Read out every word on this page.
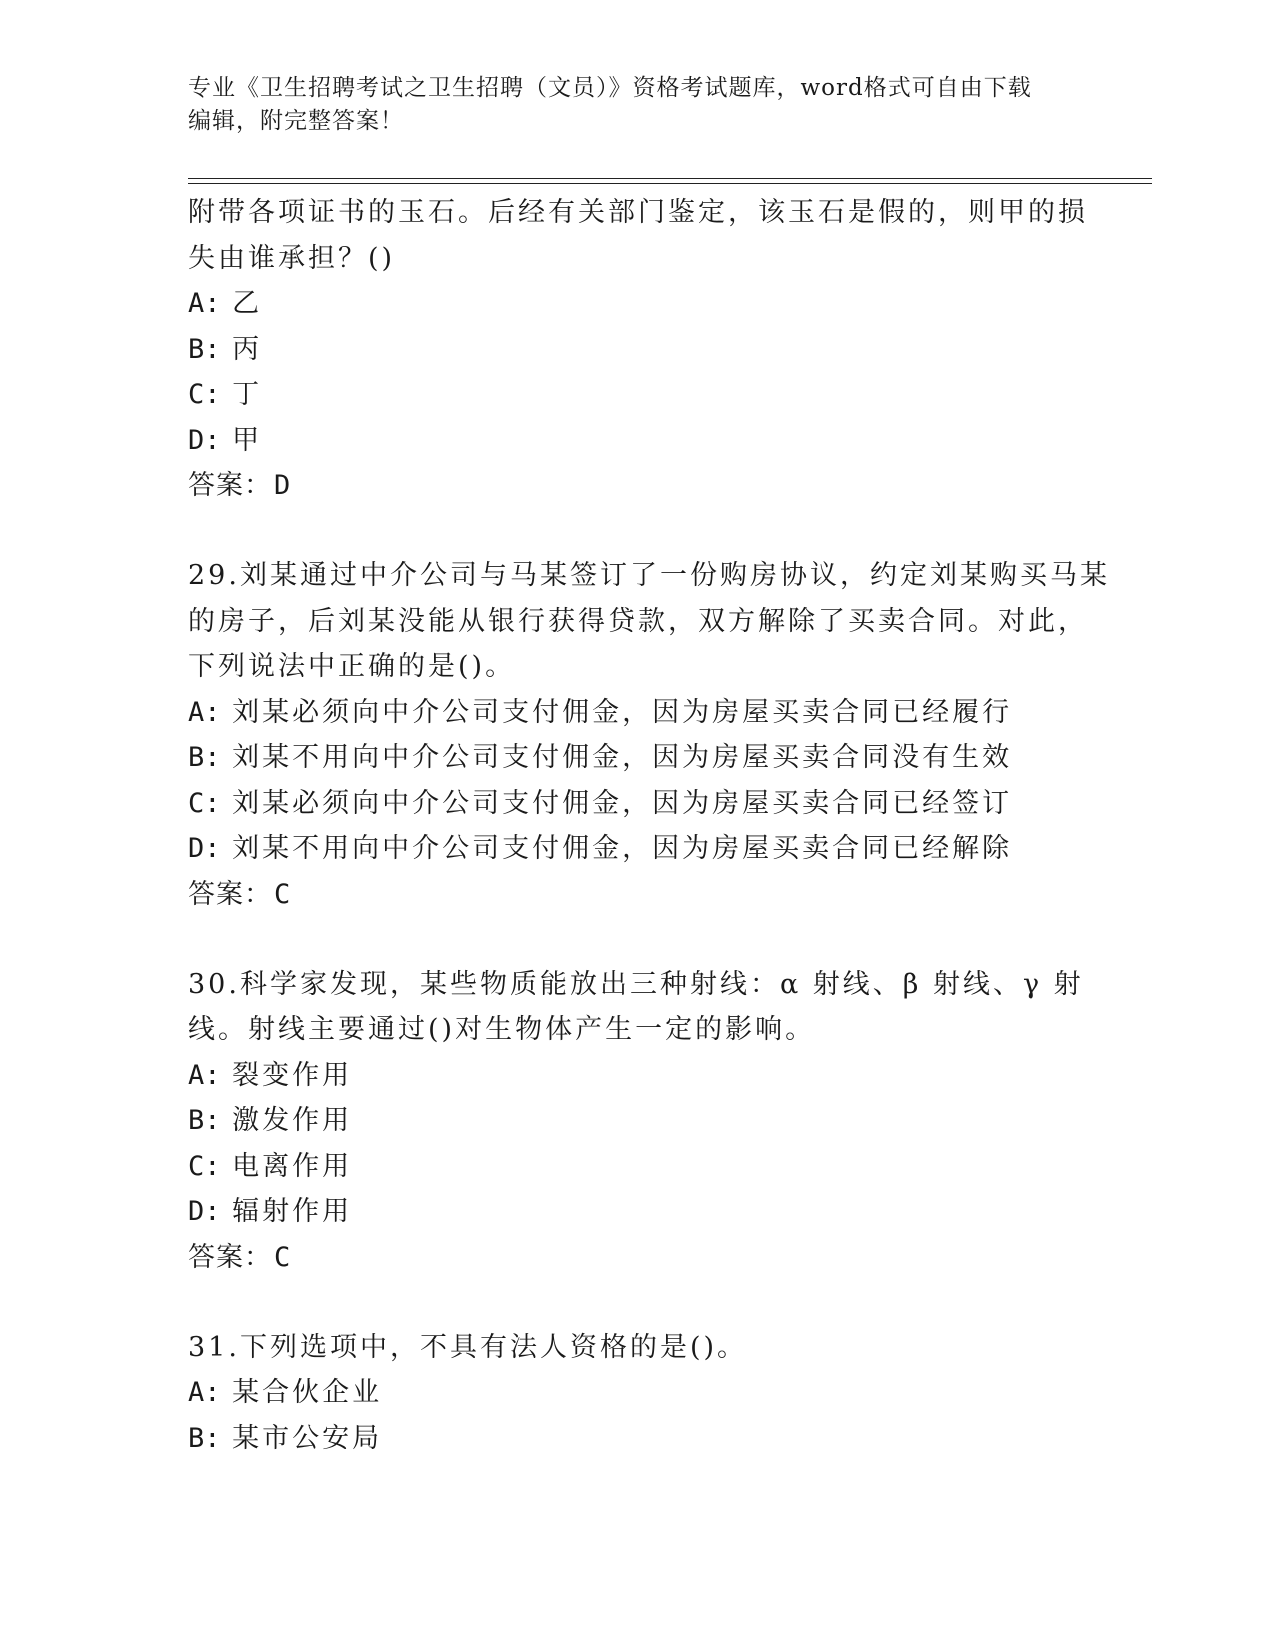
专业《卫生招聘考试之卫生招聘（文员）》资格考试题库，word格式可自由下载
编辑，附完整答案！
附带各项证书的玉石。后经有关部门鉴定，该玉石是假的，则甲的损
失由谁承担？()
A: 乙
B: 丙
C: 丁
D: 甲
答案：D
29.刘某通过中介公司与马某签订了一份购房协议，约定刘某购买马某
的房子，后刘某没能从银行获得贷款，双方解除了买卖合同。对此，
下列说法中正确的是()。
A: 刘某必须向中介公司支付佣金，因为房屋买卖合同已经履行
B: 刘某不用向中介公司支付佣金，因为房屋买卖合同没有生效
C: 刘某必须向中介公司支付佣金，因为房屋买卖合同已经签订
D: 刘某不用向中介公司支付佣金，因为房屋买卖合同已经解除
答案：C
30.科学家发现，某些物质能放出三种射线：α 射线、β 射线、γ 射
线。射线主要通过()对生物体产生一定的影响。
A: 裂变作用
B: 激发作用
C: 电离作用
D: 辐射作用
答案：C
31.下列选项中，不具有法人资格的是()。
A: 某合伙企业
B: 某市公安局
